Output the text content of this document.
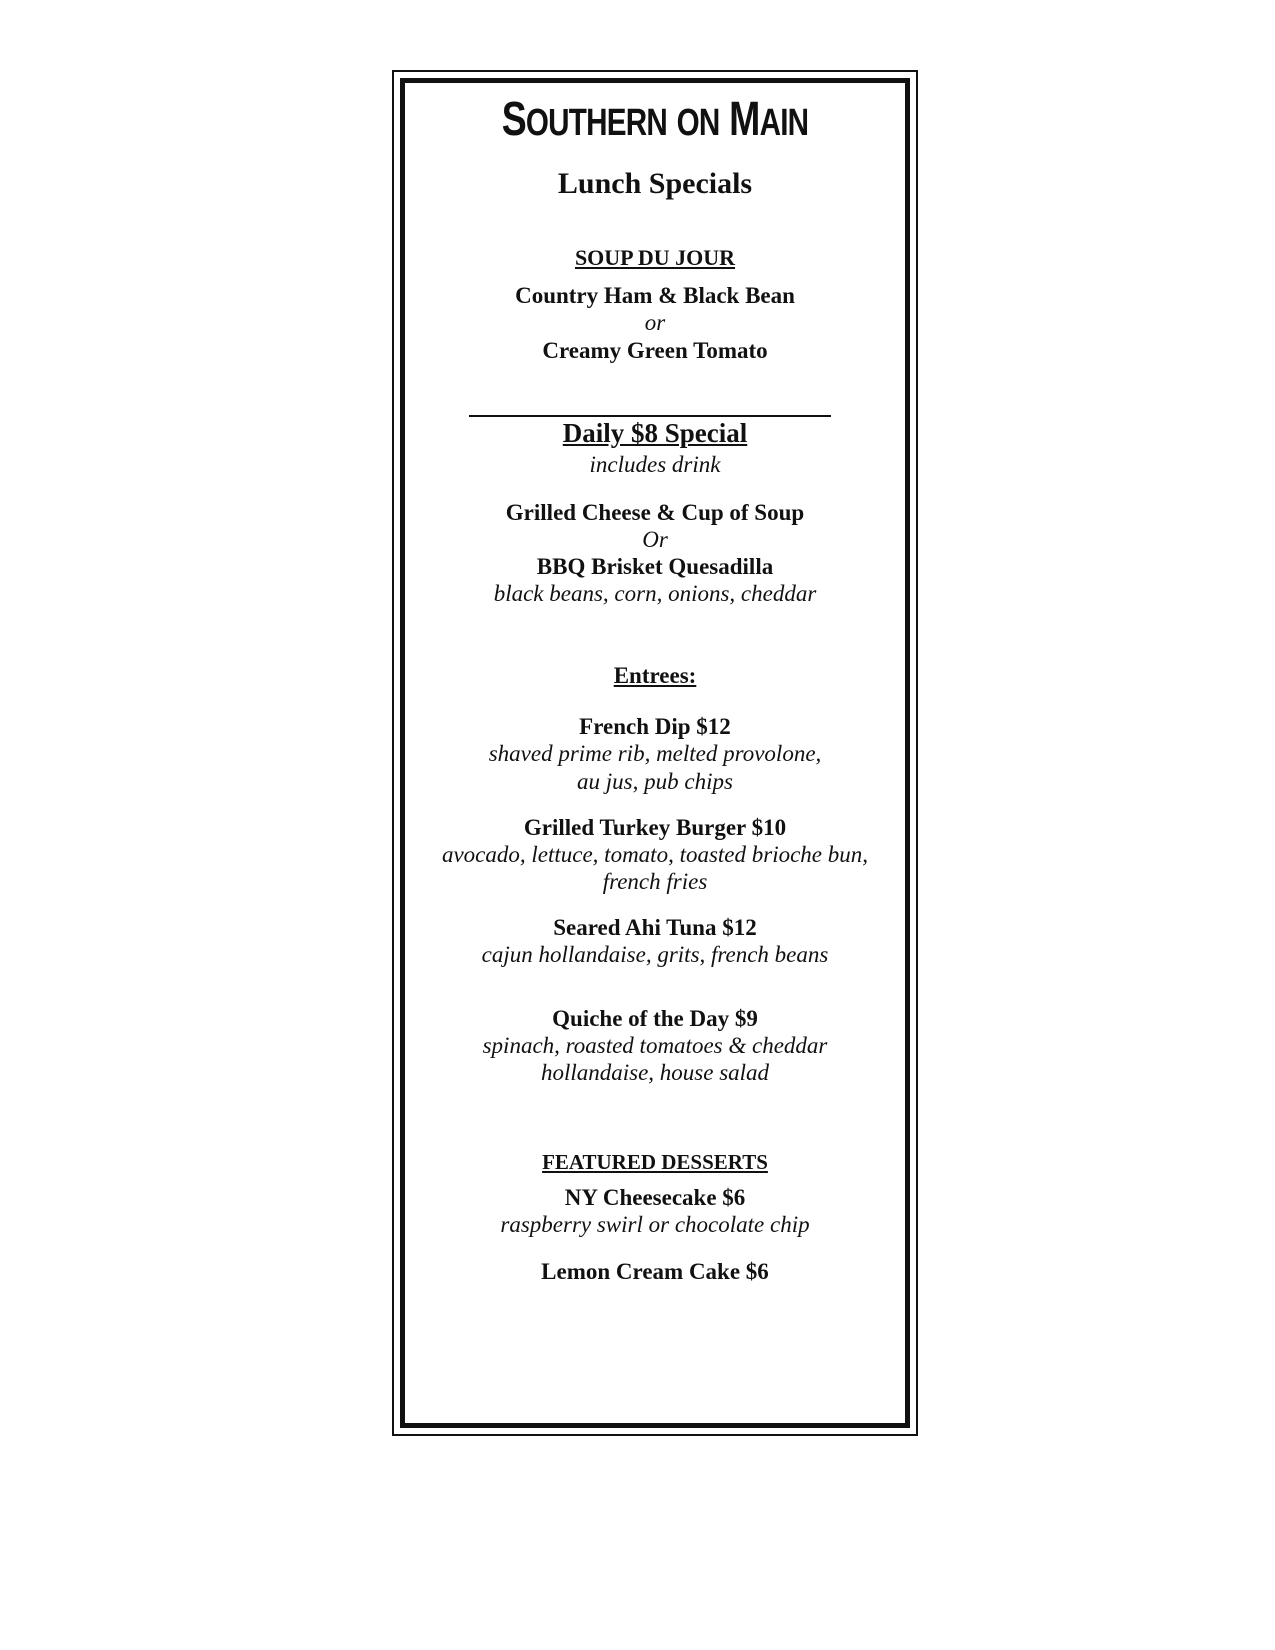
SOUTHERN ON MAIN
Lunch Specials
SOUP DU JOUR
Country Ham & Black Bean
or
Creamy Green Tomato
Daily $8 Special
includes drink
Grilled Cheese & Cup of Soup
Or
BBQ Brisket Quesadilla
black beans, corn, onions, cheddar
Entrees:
French Dip $12
shaved prime rib, melted provolone,
au jus, pub chips
Grilled Turkey Burger $10
avocado, lettuce, tomato, toasted brioche bun,
french fries
Seared Ahi Tuna $12
cajun hollandaise, grits, french beans
Quiche of the Day $9
spinach, roasted tomatoes & cheddar
hollandaise, house salad
FEATURED DESSERTS
NY Cheesecake $6
raspberry swirl or chocolate chip
Lemon Cream Cake $6
